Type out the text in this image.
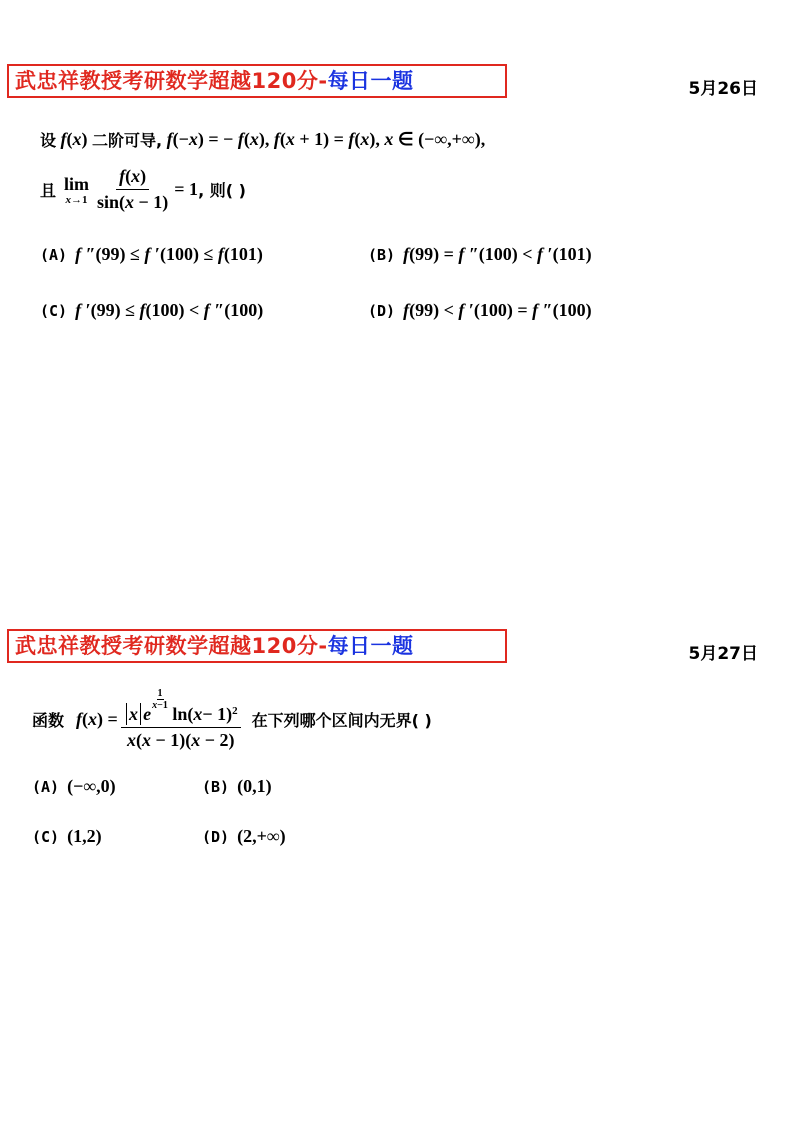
武忠祥教授考研数学超越120分-每日一题	5月26日
设 f(x) 二阶可导, f(−x) = − f(x), f(x + 1) = f(x), x ∈ (−∞,+∞),
且 lim
$x\to 1 \frac{f(x)}{\sin(x - 1)} = 1$ , 则( )
(A) f ″(99) ≤ f ′(100) ≤ f(101)	(B) f(99) = f ″(100) < f ′(101)
(C) f ′(99) ≤ f(100) < f ″(100)	(D) f(99) < f ′(100) = f ″(100)
武忠祥教授考研数学超越120分-每日一题	5月27日
函数 f ( x ) = x e
$\frac{1}{x-1}$
ln( x − 1) 2
x(x − 1)(x − 2) 在下列哪个区间内无界( )
(A) (−∞,0)	(B) (0,1)
(C) (1,2)	(D) (2,+∞)
